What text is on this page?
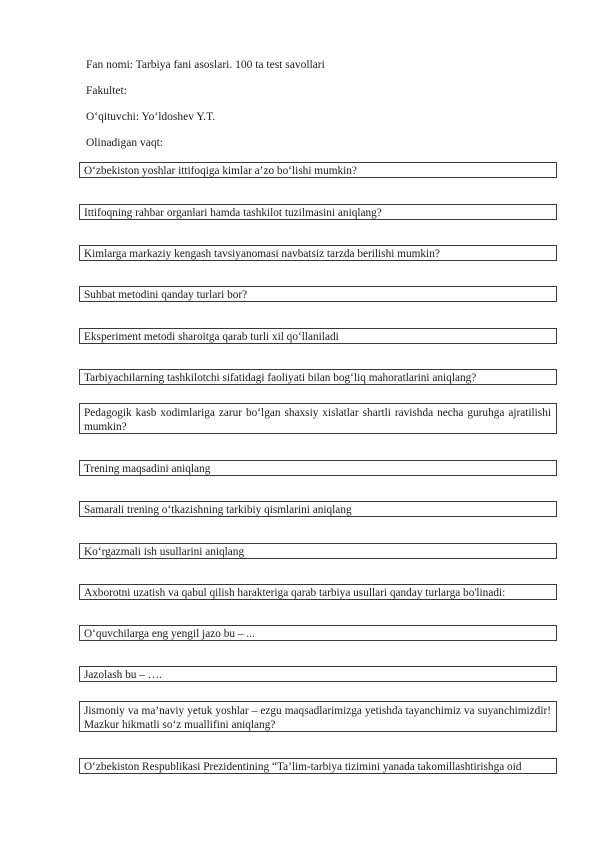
Fan nomi: Tarbiya fani asoslari. 100 ta test savollari
Fakultet:
O‘qituvchi: Yo‘ldoshev Y.T.
Olinadigan vaqt:
O‘zbekiston yoshlar ittifoqiga kimlar a’zo bo‘lishi mumkin?
Ittifoqning rahbar organlari hamda tashkilot tuzilmasini aniqlang?
Kimlarga markaziy kengash tavsiyanomasi navbatsiz tarzda berilishi mumkin?
Suhbat metodini qanday turlari bor?
Eksperiment metodi sharoitga qarab turli xil qo‘llaniladi
Tarbiyachilarning tashkilotchi sifatidagi faoliyati bilan bog‘liq mahoratlarini aniqlang?
Pedagogik kasb xodimlariga zarur bo‘lgan shaxsiy xislatlar shartli ravishda necha guruhga ajratilishi mumkin?
Trening maqsadini aniqlang
Samarali trening o‘tkazishning tarkibiy qismlarini aniqlang
Ko‘rgazmali ish usullarini aniqlang
Axborotni uzatish va qabul qilish harakteriga qarab tarbiya usullari qanday turlarga bo'linadi:
O‘quvchilarga eng yengil jazo bu – ...
Jazolash bu – ….
Jismoniy va ma’naviy yetuk yoshlar – ezgu maqsadlarimizga yetishda tayanchimiz va suyanchimizdir! Mazkur hikmatli so‘z muallifini aniqlang?
O‘zbekiston Respublikasi Prezidentining “Ta’lim-tarbiya tizimini yanada takomillashtirishga oid
